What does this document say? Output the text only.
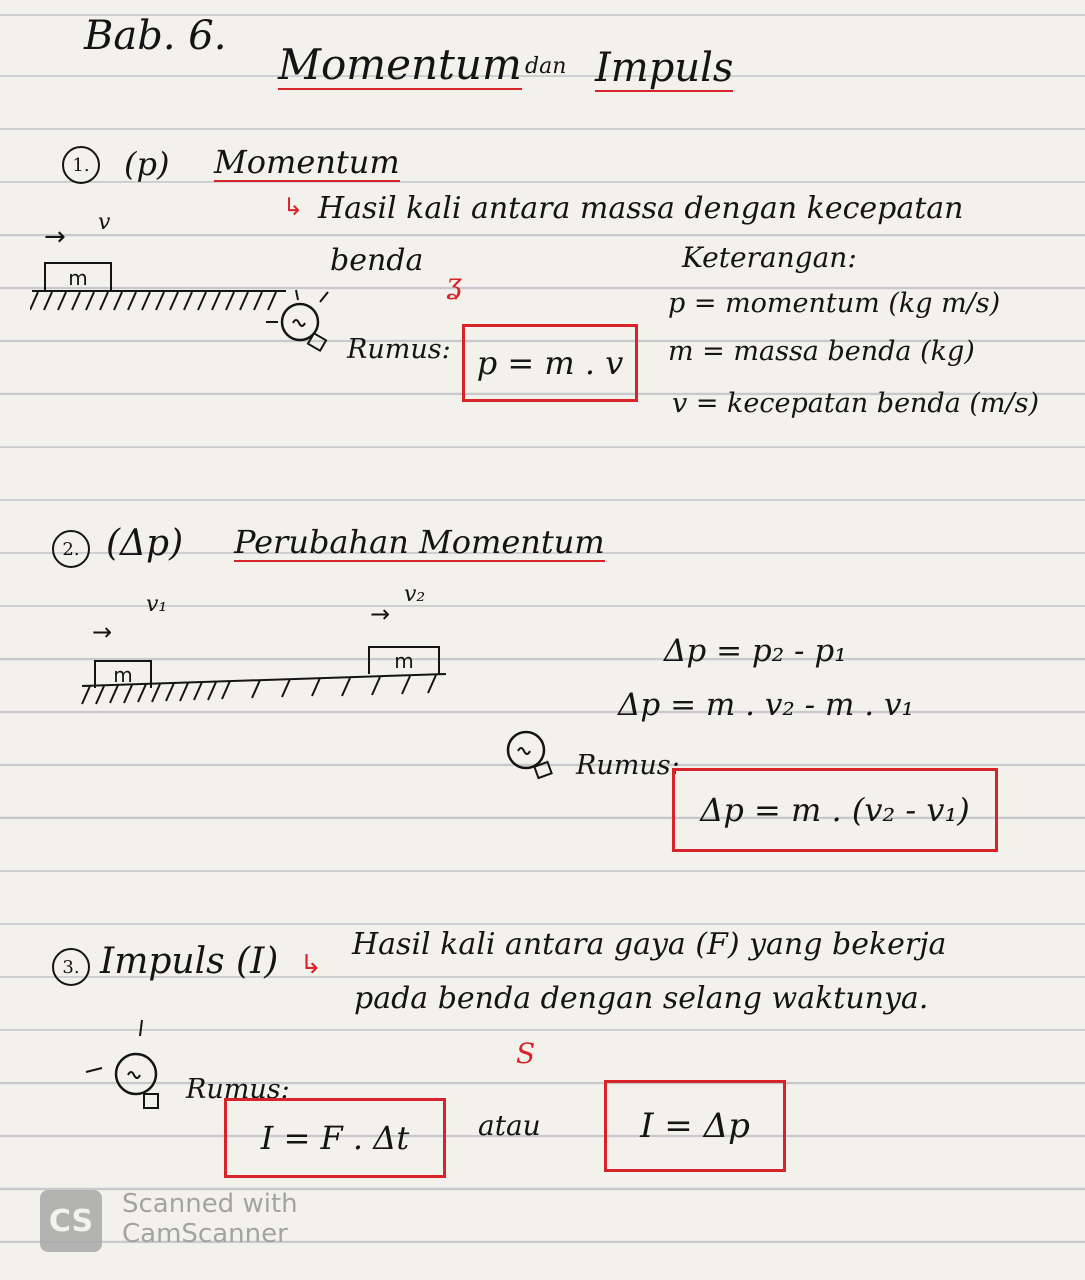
Bab. 6.
Momentum dan Impuls
1.	(p) Momentum
↳ Hasil kali antara massa dengan kecepatan
benda
ʓ
→ v
m
Rumus: p = m . v
Keterangan:
p = momentum (kg m/s)
m = massa benda (kg)
v = kecepatan benda (m/s)
2. (Δp) Perubahan Momentum
v₁
→
v₂
→
m
m	Δp = p₂ - p₁
Δp = m . v₂ - m . v₁
Rumus:
Δp = m . (v₂ - v₁)
3. Impuls (I) ↳
Hasil kali antara gaya (F) yang bekerja
pada benda dengan selang waktunya.
Rumus:
I = F . Δt
S
atau	I = Δp
CS	Scanned with
CamScanner
